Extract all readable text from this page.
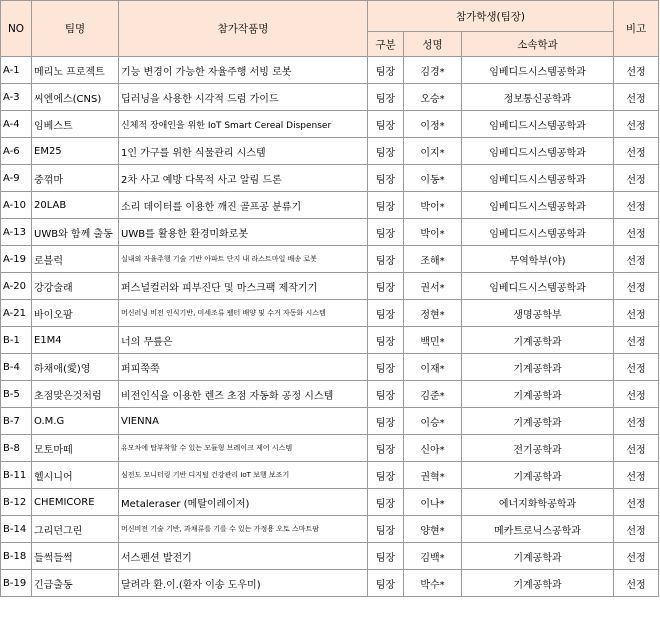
NO	팀명	참가작품명	참가학생(팀장)			비고
			구분	성명	소속학과	
A-1	메리노 프로젝트	기능 변경이 가능한 자율주행 서빙 로봇	팀장	김경*	임베디드시스템공학과	선정
A-3	씨엔에스(CNS)	딥러닝을 사용한 시각적 드럼 가이드	팀장	오승*	정보통신공학과	선정
A-4	임베스트	신체적 장애인을 위한 IoT Smart Cereal Dispenser	팀장	이정*	임베디드시스템공학과	선정
A-6	EM25	1인 가구를 위한 식물관리 시스템	팀장	이지*	임베디드시스템공학과	선정
A-9	중꺾마	2차 사고 예방 다목적 사고 알림 드론	팀장	이동*	임베디드시스템공학과	선정
A-10	20LAB	소리 데이터를 이용한 깨진 골프공 분류기	팀장	박이*	임베디드시스템공학과	선정
A-13	UWB와 함께 출동	UWB를 활용한 환경미화로봇	팀장	박이*	임베디드시스템공학과	선정
A-19	로블럭	실내외 자율주행 기술 기반 아파트 단지 내 라스트마일 배송 로봇	팀장	조해*	무역학부(야)	선정
A-20	강강술래	퍼스널컬러와 피부진단 및 마스크팩 제작기기	팀장	권서*	임베디드시스템공학과	선정
A-21	바이오팜	머신러닝 비전 인식기반, 미세조류 펠터 배양 및 수거 자동화 시스템	팀장	정현*	생명공학부	선정
B-1	E1M4	너의 무릎은	팀장	백민*	기계공학과	선정
B-4	하채애(愛)영	퍼피쭉쭉	팀장	이재*	기계공학과	선정
B-5	초점맞은것처럼	비전인식을 이용한 렌즈 초점 자동화 공정 시스템	팀장	김준*	기계공학과	선정
B-7	O.M.G	VIENNA	팀장	이승*	기계공학과	선정
B-8	모토마떼	유모차에 탑부착할 수 있는 모듈형 브레이크 제어 시스템	팀장	신아*	전기공학과	선정
B-11	헬시니어	심전도 모니터링 기반 디지털 건강관리 IoT 보행 보조기	팀장	권혁*	기계공학과	선정
B-12	CHEMICORE	Metaleraser (메탈이레이저)	팀장	이나*	에너지화학공학과	선정
B-14	그리던그린	머신비전 기술 기반, 과채류를 기를 수 있는 가정용 오토 스마트팜	팀장	양현*	메카트로닉스공학과	선정
B-18	들썩들썩	서스펜션 발전기	팀장	김백*	기계공학과	선정
B-19	긴급출동	달려라 환.이.(환자 이송 도우미)	팀장	박수*	기계공학과	선정
